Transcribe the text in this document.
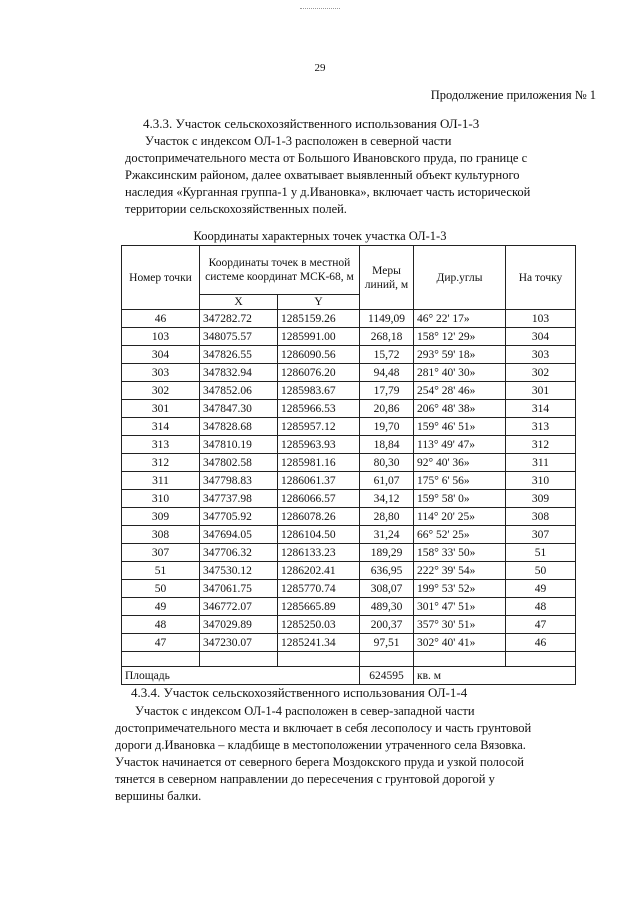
29
Продолжение приложения № 1
4.3.3. Участок сельскохозяйственного использования ОЛ-1-3
Участок с индексом ОЛ-1-3 расположен в северной части
достопримечательного места от Большого Ивановского пруда, по границе с
Ржаксинским районом, далее охватывает выявленный объект культурного
наследия «Курганная группа-1 у д.Ивановка», включает часть исторической
территории сельскохозяйственных полей.
Координаты характерных точек участка ОЛ-1-3
Номер точки	Координаты точек в местной системе координат МСК-68, м		Меры линий, м	Дир.углы	На точку
	X	Y			
46	347282.72	1285159.26	1149,09	46° 22' 17»	103
103	348075.57	1285991.00	268,18	158° 12' 29»	304
304	347826.55	1286090.56	15,72	293° 59' 18»	303
303	347832.94	1286076.20	94,48	281° 40' 30»	302
302	347852.06	1285983.67	17,79	254° 28' 46»	301
301	347847.30	1285966.53	20,86	206° 48' 38»	314
314	347828.68	1285957.12	19,70	159° 46' 51»	313
313	347810.19	1285963.93	18,84	113° 49' 47»	312
312	347802.58	1285981.16	80,30	92° 40' 36»	311
311	347798.83	1286061.37	61,07	175° 6' 56»	310
310	347737.98	1286066.57	34,12	159° 58' 0»	309
309	347705.92	1286078.26	28,80	114° 20' 25»	308
308	347694.05	1286104.50	31,24	66° 52' 25»	307
307	347706.32	1286133.23	189,29	158° 33' 50»	51
51	347530.12	1286202.41	636,95	222° 39' 54»	50
50	347061.75	1285770.74	308,07	199° 53' 52»	49
49	346772.07	1285665.89	489,30	301° 47' 51»	48
48	347029.89	1285250.03	200,37	357° 30' 51»	47
47	347230.07	1285241.34	97,51	302° 40' 41»	46

Площадь			624595	кв. м	
4.3.4. Участок сельскохозяйственного использования ОЛ-1-4
Участок с индексом ОЛ-1-4 расположен в север-западной части
достопримечательного места и включает в себя лесополосу и часть грунтовой
дороги д.Ивановка – кладбище в местоположении утраченного села Вязовка.
Участок начинается от северного берега Моздокского пруда и узкой полосой
тянется в северном направлении до пересечения с грунтовой дорогой у
вершины балки.
